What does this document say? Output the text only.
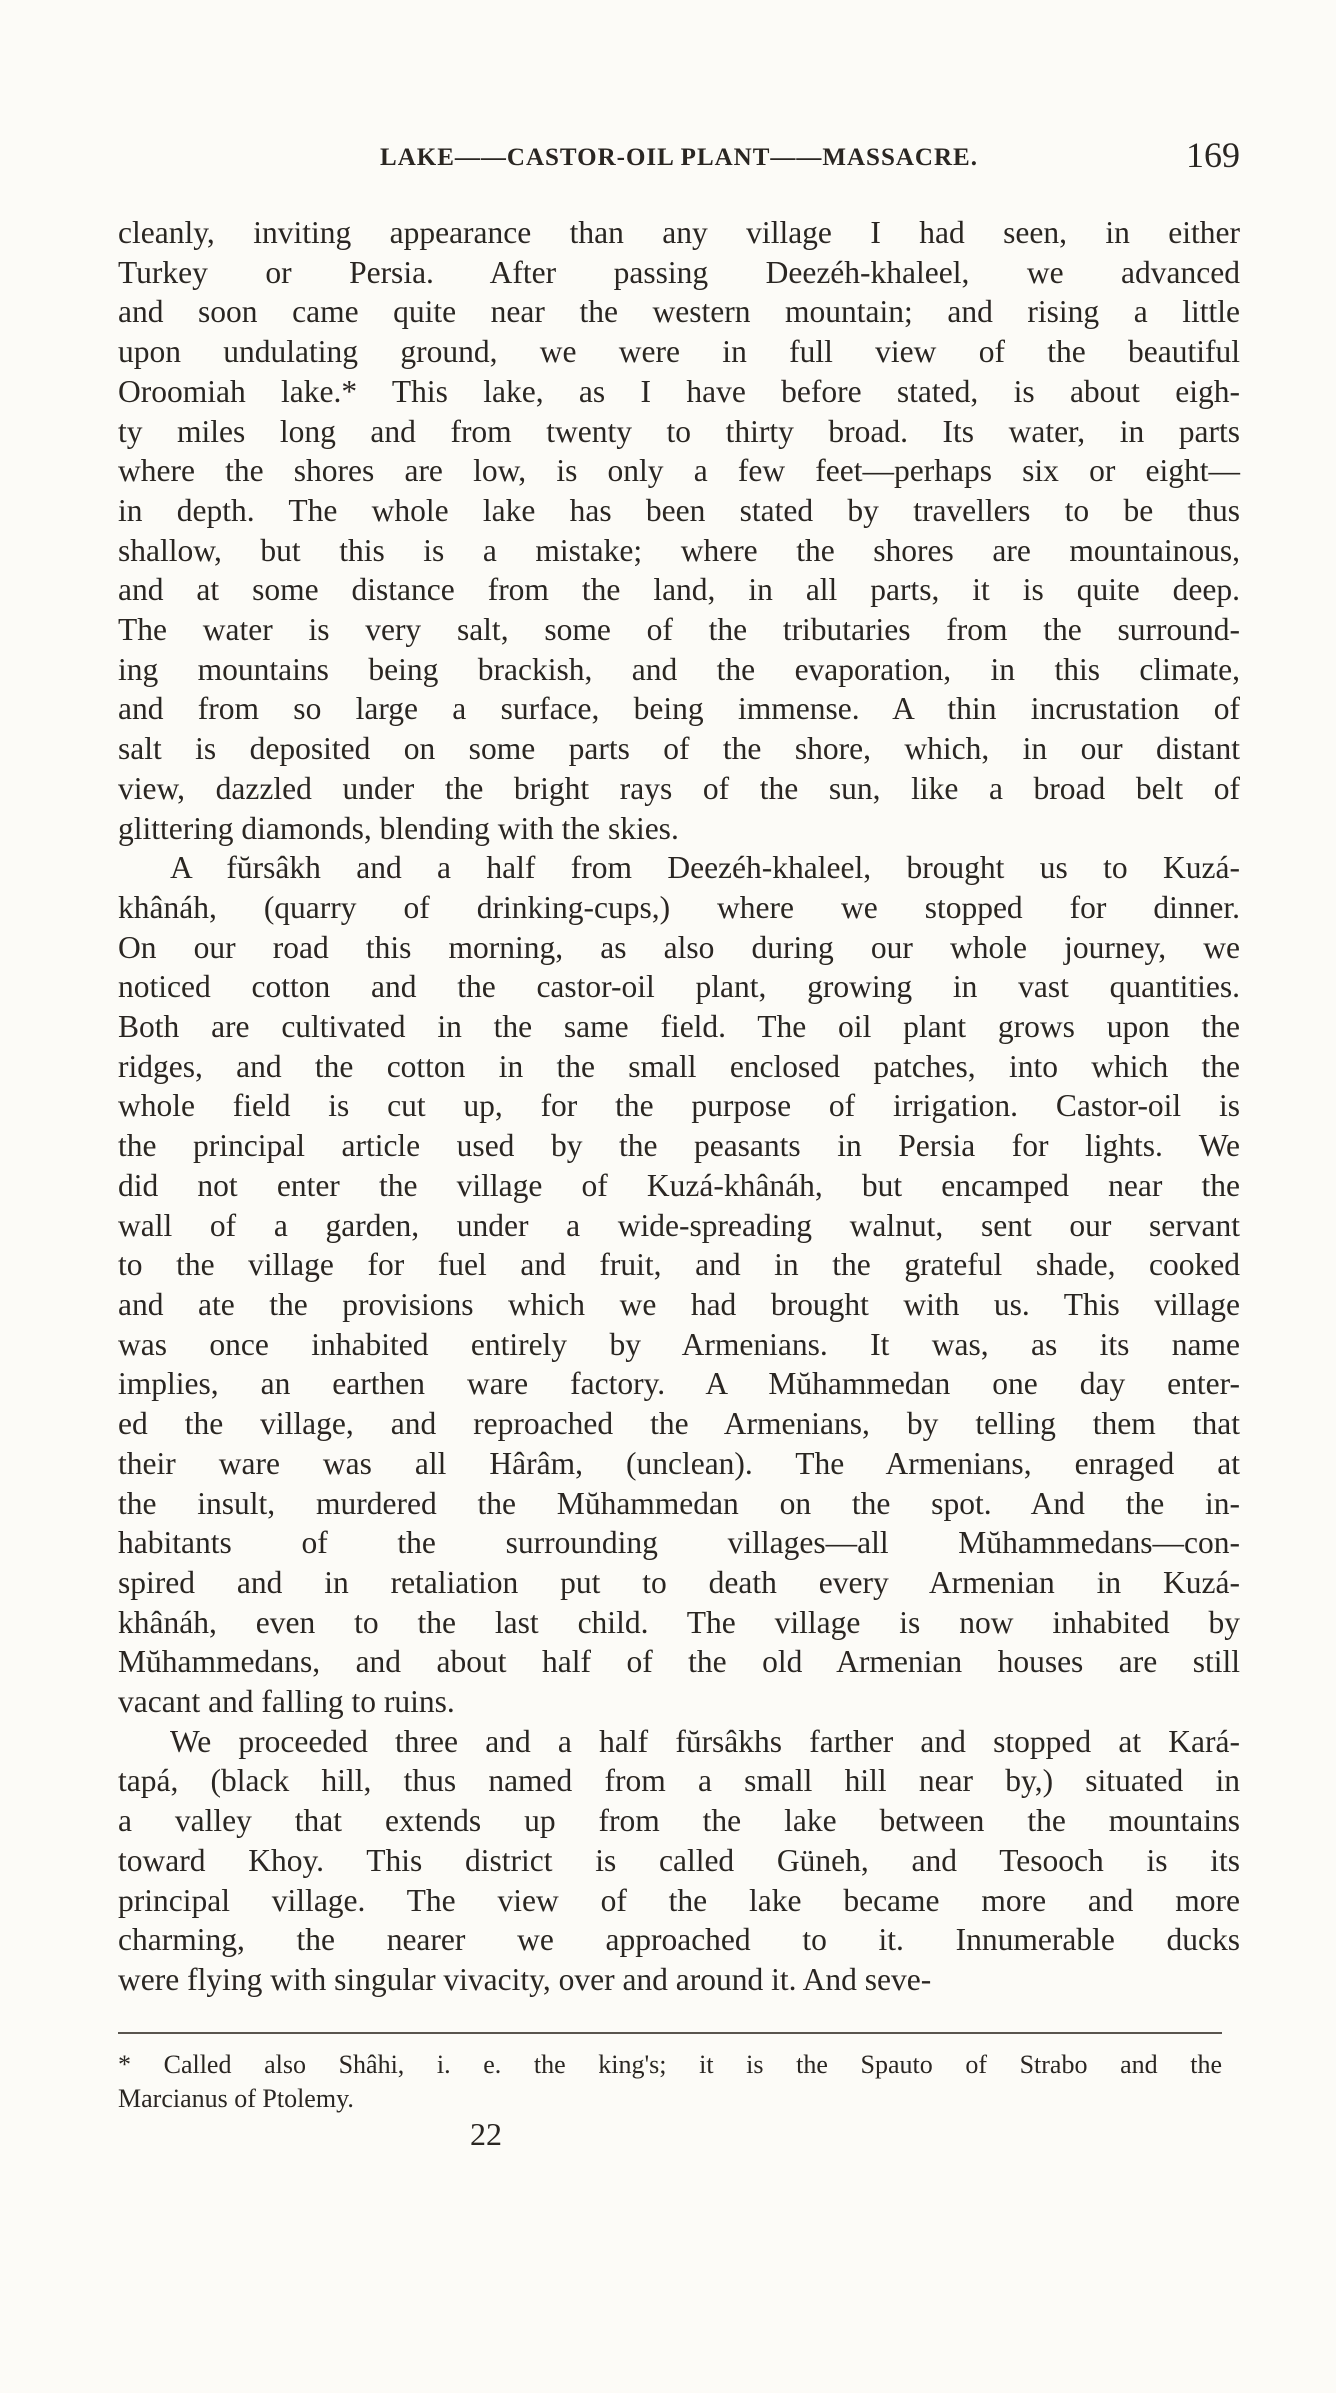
LAKE——CASTOR-OIL PLANT——MASSACRE.	169
cleanly, inviting appearance than any village I had seen, in either
Turkey or Persia. After passing Deezéh-khaleel, we advanced
and soon came quite near the western mountain; and rising a little
upon undulating ground, we were in full view of the beautiful
Oroomiah lake.* This lake, as I have before stated, is about eigh-
ty miles long and from twenty to thirty broad. Its water, in parts
where the shores are low, is only a few feet—perhaps six or eight—
in depth. The whole lake has been stated by travellers to be thus
shallow, but this is a mistake; where the shores are mountainous,
and at some distance from the land, in all parts, it is quite deep.
The water is very salt, some of the tributaries from the surround-
ing mountains being brackish, and the evaporation, in this climate,
and from so large a surface, being immense. A thin incrustation of
salt is deposited on some parts of the shore, which, in our distant
view, dazzled under the bright rays of the sun, like a broad belt of
glittering diamonds, blending with the skies.
A fŭrsâkh and a half from Deezéh-khaleel, brought us to Kuzá-
khânáh, (quarry of drinking-cups,) where we stopped for dinner.
On our road this morning, as also during our whole journey, we
noticed cotton and the castor-oil plant, growing in vast quantities.
Both are cultivated in the same field. The oil plant grows upon the
ridges, and the cotton in the small enclosed patches, into which the
whole field is cut up, for the purpose of irrigation. Castor-oil is
the principal article used by the peasants in Persia for lights. We
did not enter the village of Kuzá-khânáh, but encamped near the
wall of a garden, under a wide-spreading walnut, sent our servant
to the village for fuel and fruit, and in the grateful shade, cooked
and ate the provisions which we had brought with us. This village
was once inhabited entirely by Armenians. It was, as its name
implies, an earthen ware factory. A Mŭhammedan one day enter-
ed the village, and reproached the Armenians, by telling them that
their ware was all Hârâm, (unclean). The Armenians, enraged at
the insult, murdered the Mŭhammedan on the spot. And the in-
habitants of the surrounding villages—all Mŭhammedans—con-
spired and in retaliation put to death every Armenian in Kuzá-
khânáh, even to the last child. The village is now inhabited by
Mŭhammedans, and about half of the old Armenian houses are still
vacant and falling to ruins.
We proceeded three and a half fŭrsâkhs farther and stopped at Kará-
tapá, (black hill, thus named from a small hill near by,) situated in
a valley that extends up from the lake between the mountains
toward Khoy. This district is called Güneh, and Tesooch is its
principal village. The view of the lake became more and more
charming, the nearer we approached to it. Innumerable ducks
were flying with singular vivacity, over and around it. And seve-
* Called also Shâhi, i. e. the king's; it is the Spauto of Strabo and the
Marcianus of Ptolemy.
22
